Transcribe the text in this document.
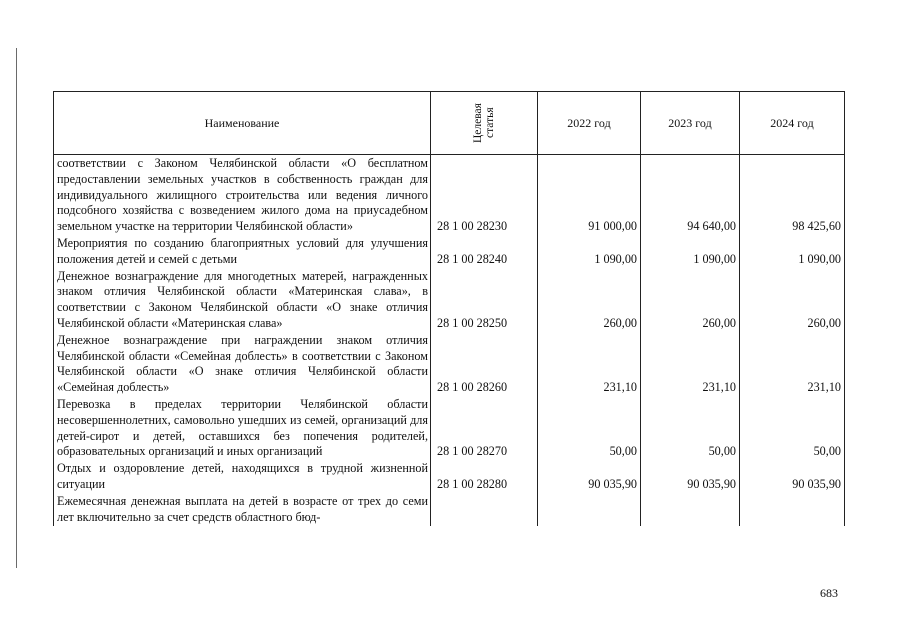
Наименование	Целевая статья	2022 год	2023 год	2024 год
соответствии с Законом Челябинской области «О бесплатном предоставлении земельных участков в собственность граждан для индивидуального жилищного строительства или ведения личного подсобного хозяйства с возведением жилого дома на приусадебном земельном участке на территории Челябинской области»	28 1 00 28230	91 000,00	94 640,00	98 425,60
Мероприятия по созданию благоприятных условий для улучшения положения детей и семей с детьми	28 1 00 28240	1 090,00	1 090,00	1 090,00
Денежное вознаграждение для многодетных матерей, награжденных знаком отличия Челябинской области «Материнская слава», в соответствии с Законом Челябинской области «О знаке отличия Челябинской области «Материнская слава»	28 1 00 28250	260,00	260,00	260,00
Денежное вознаграждение при награждении знаком отличия Челябинской области «Семейная доблесть» в соответствии с Законом Челябинской области «О знаке отличия Челябинской области «Семейная доблесть»	28 1 00 28260	231,10	231,10	231,10
Перевозка в пределах территории Челябинской области несовершеннолетних, самовольно ушедших из семей, организаций для детей-сирот и детей, оставшихся без попечения родителей, образовательных организаций и иных организаций	28 1 00 28270	50,00	50,00	50,00
Отдых и оздоровление детей, находящихся в трудной жизненной ситуации	28 1 00 28280	90 035,90	90 035,90	90 035,90
Ежемесячная денежная выплата на детей в возрасте от трех до семи лет включительно за счет средств областного бюд-				
683
